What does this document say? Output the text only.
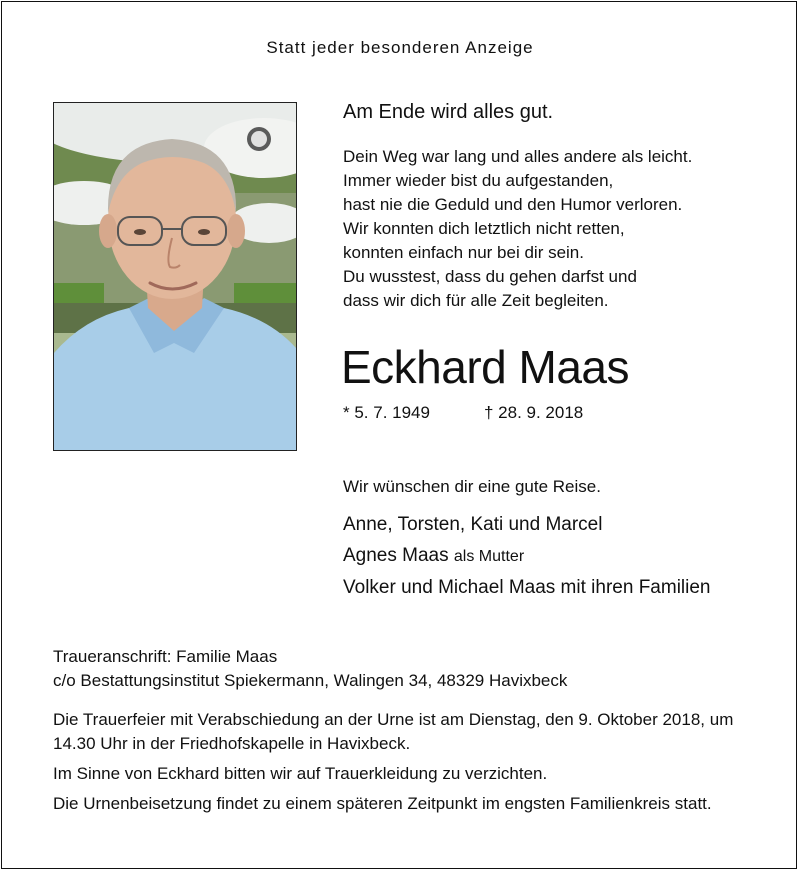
Statt jeder besonderen Anzeige
Am Ende wird alles gut.
Dein Weg war lang und alles andere als leicht.
Immer wieder bist du aufgestanden,
hast nie die Geduld und den Humor verloren.
Wir konnten dich letztlich nicht retten,
konnten einfach nur bei dir sein.
Du wusstest, dass du gehen darfst und
dass wir dich für alle Zeit begleiten.
Eckhard Maas
* 5. 7. 1949	† 28. 9. 2018
Wir wünschen dir eine gute Reise.
Anne, Torsten, Kati und Marcel
Agnes Maas als Mutter
Volker und Michael Maas mit ihren Familien
Traueranschrift: Familie Maas
c/o Bestattungsinstitut Spiekermann, Walingen 34, 48329 Havixbeck
Die Trauerfeier mit Verabschiedung an der Urne ist am Dienstag, den 9. Oktober 2018, um 14.30 Uhr in der Friedhofskapelle in Havixbeck.
Im Sinne von Eckhard bitten wir auf Trauerkleidung zu verzichten.
Die Urnenbeisetzung findet zu einem späteren Zeitpunkt im engsten Familienkreis statt.
